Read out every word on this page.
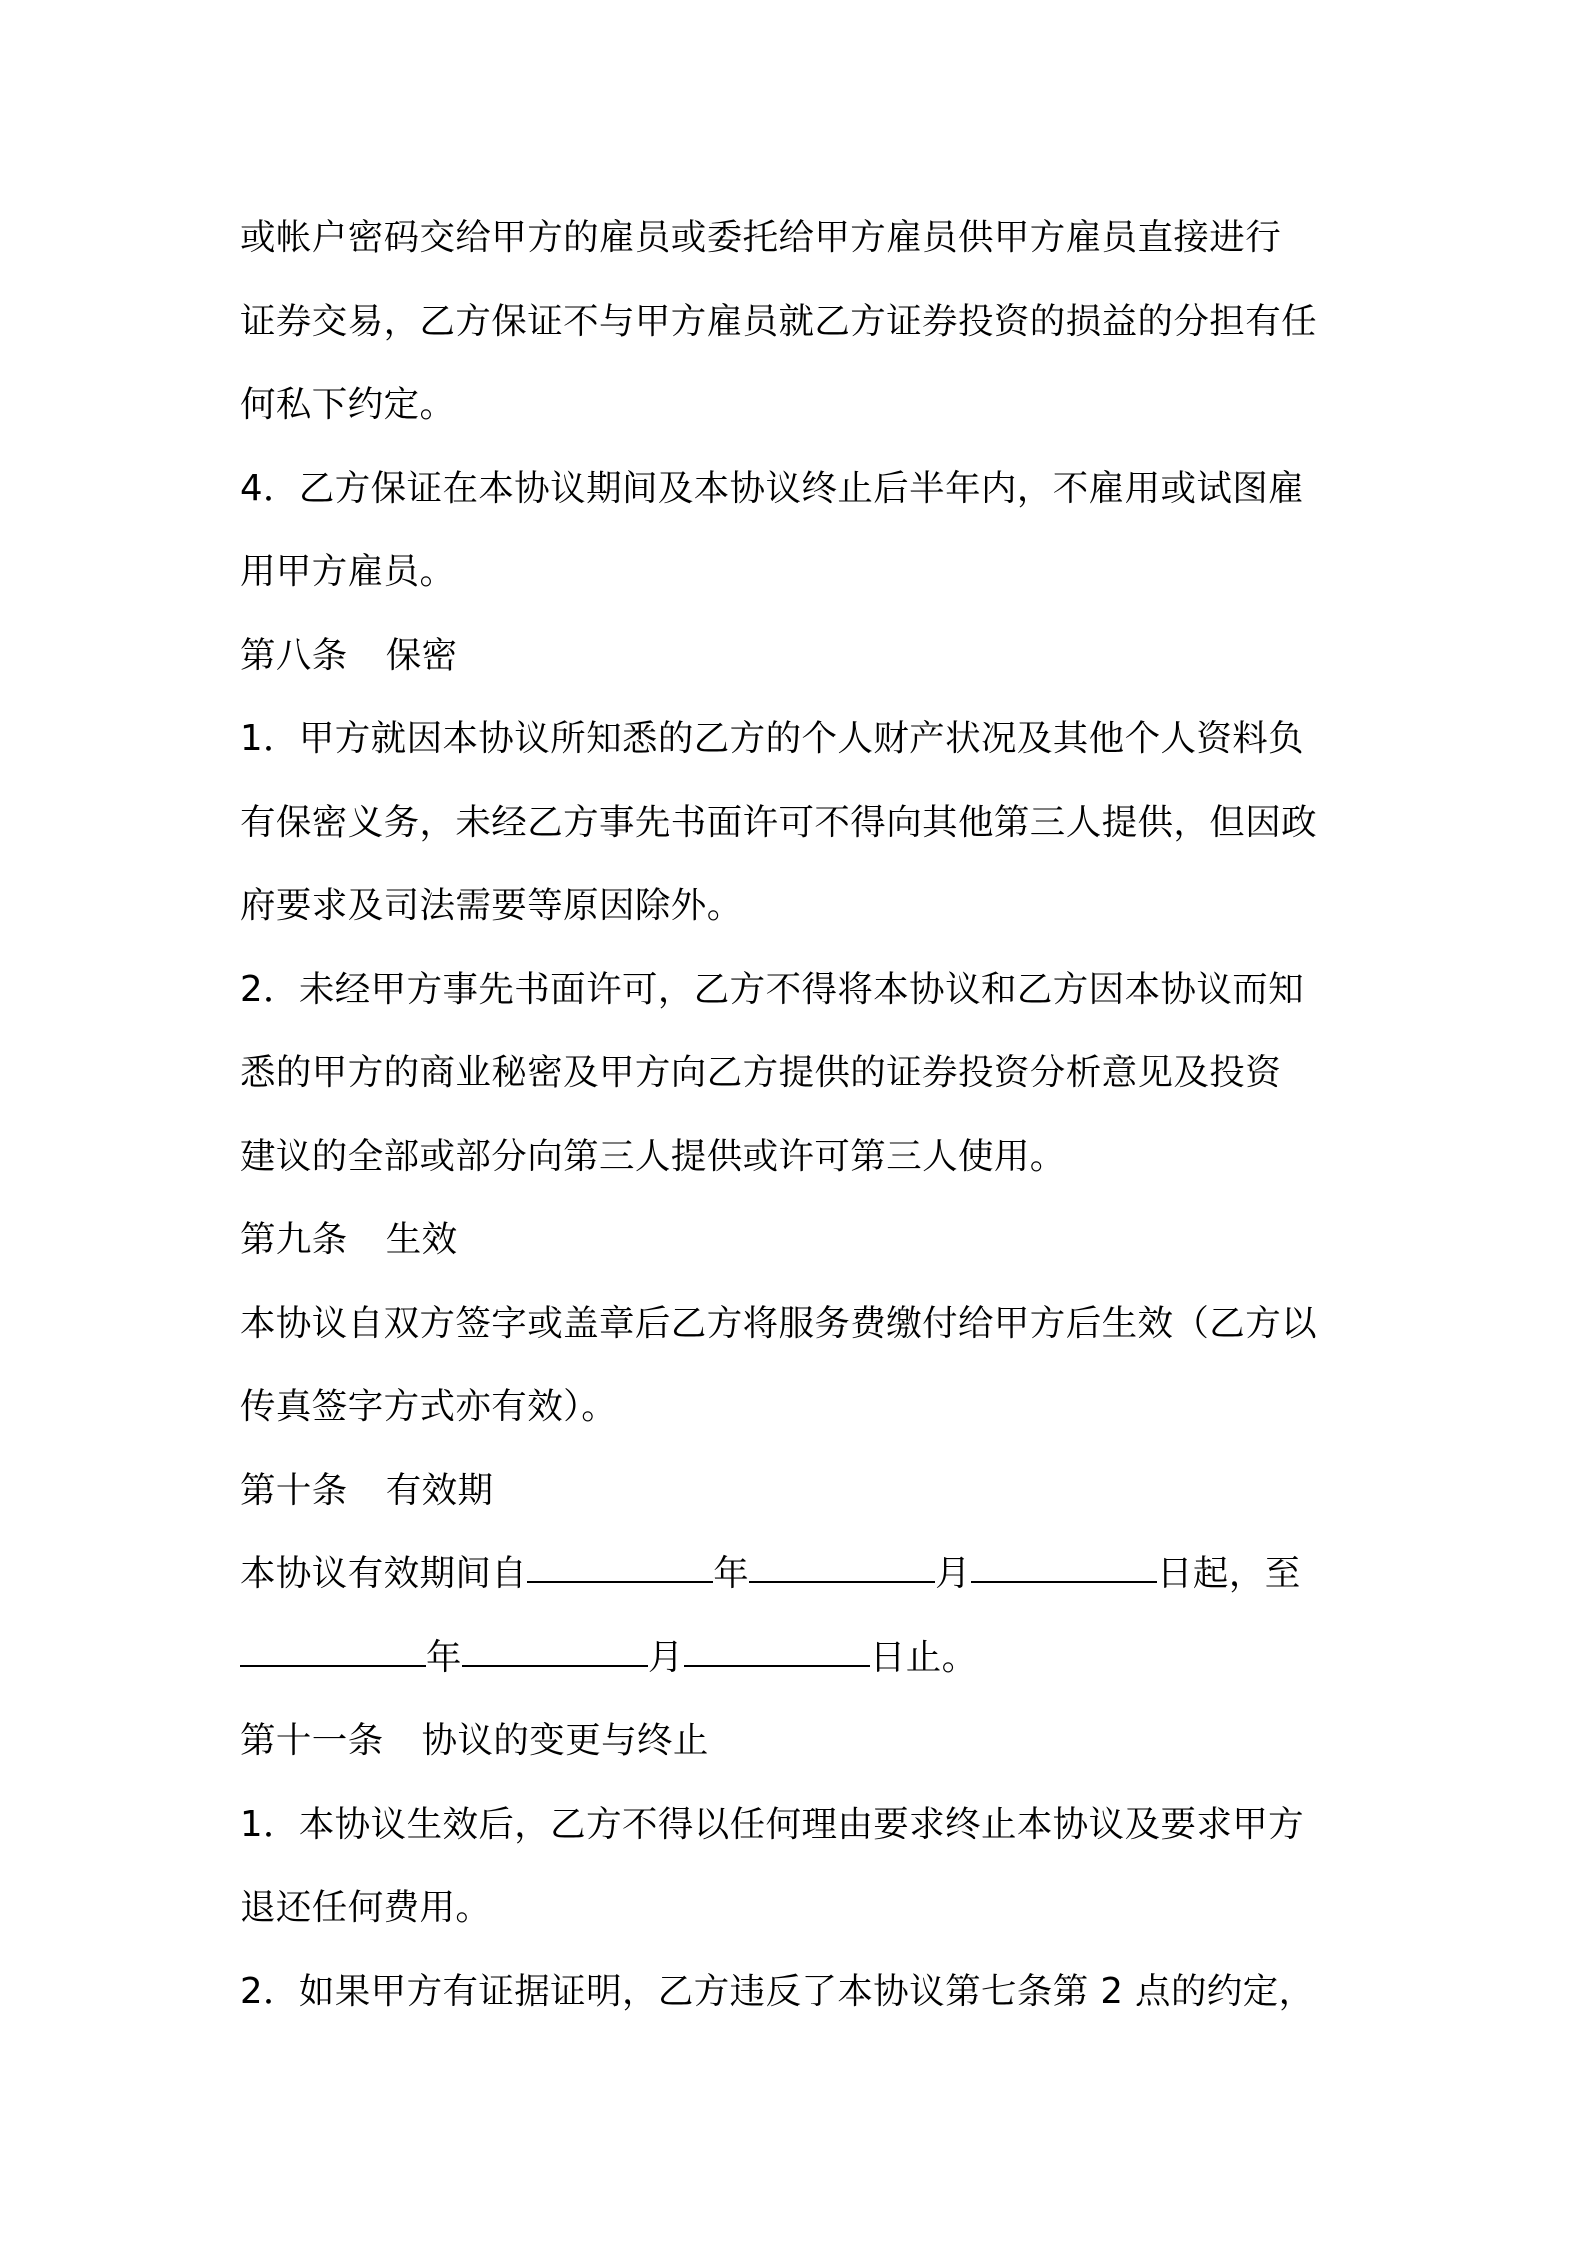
或帐户密码交给甲方的雇员或委托给甲方雇员供甲方雇员直接进行
证券交易，乙方保证不与甲方雇员就乙方证券投资的损益的分担有任
何私下约定。
4．乙方保证在本协议期间及本协议终止后半年内，不雇用或试图雇
用甲方雇员。
第八条 保密
1．甲方就因本协议所知悉的乙方的个人财产状况及其他个人资料负
有保密义务，未经乙方事先书面许可不得向其他第三人提供，但因政
府要求及司法需要等原因除外。
2．未经甲方事先书面许可，乙方不得将本协议和乙方因本协议而知
悉的甲方的商业秘密及甲方向乙方提供的证券投资分析意见及投资
建议的全部或部分向第三人提供或许可第三人使用。
第九条 生效
本协议自双方签字或盖章后乙方将服务费缴付给甲方后生效（乙方以
传真签字方式亦有效）。
第十条 有效期
本协议有效期间自	年	月	日起，至
年	月	日止。
第十一条 协议的变更与终止
1．本协议生效后，乙方不得以任何理由要求终止本协议及要求甲方
退还任何费用。
2．如果甲方有证据证明，乙方违反了本协议第七条第 2 点的约定，
